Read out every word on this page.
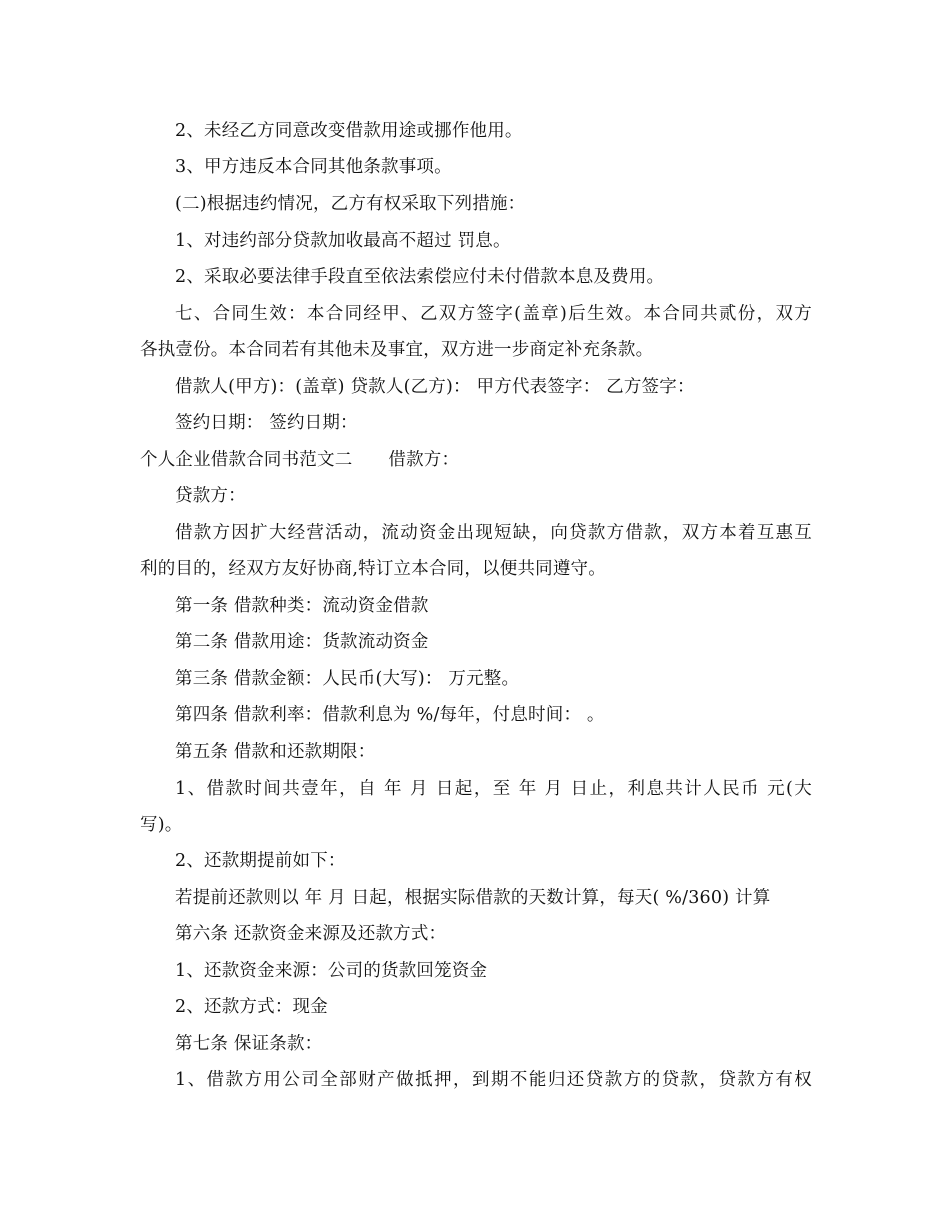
2、未经乙方同意改变借款用途或挪作他用。
3、甲方违反本合同其他条款事项。
(二)根据违约情况，乙方有权采取下列措施：
1、对违约部分贷款加收最高不超过 罚息。
2、采取必要法律手段直至依法索偿应付未付借款本息及费用。
七、合同生效：本合同经甲、乙双方签字(盖章)后生效。本合同共贰份，双方
各执壹份。本合同若有其他未及事宜，双方进一步商定补充条款。
借款人(甲方)：(盖章) 贷款人(乙方)： 甲方代表签字： 乙方签字：
签约日期： 签约日期：
个人企业借款合同书范文二 借款方：
贷款方：
借款方因扩大经营活动，流动资金出现短缺，向贷款方借款，双方本着互惠互
利的目的，经双方友好协商,特订立本合同，以便共同遵守。
第一条 借款种类：流动资金借款
第二条 借款用途：货款流动资金
第三条 借款金额：人民币(大写)： 万元整。
第四条 借款利率：借款利息为 %/每年，付息时间： 。
第五条 借款和还款期限：
1、借款时间共壹年，自 年 月 日起，至 年 月 日止，利息共计人民币 元(大
写)。
2、还款期提前如下：
若提前还款则以 年 月 日起，根据实际借款的天数计算，每天( %/360) 计算
第六条 还款资金来源及还款方式：
1、还款资金来源：公司的货款回笼资金
2、还款方式：现金
第七条 保证条款：
1、借款方用公司全部财产做抵押，到期不能归还贷款方的贷款，贷款方有权
